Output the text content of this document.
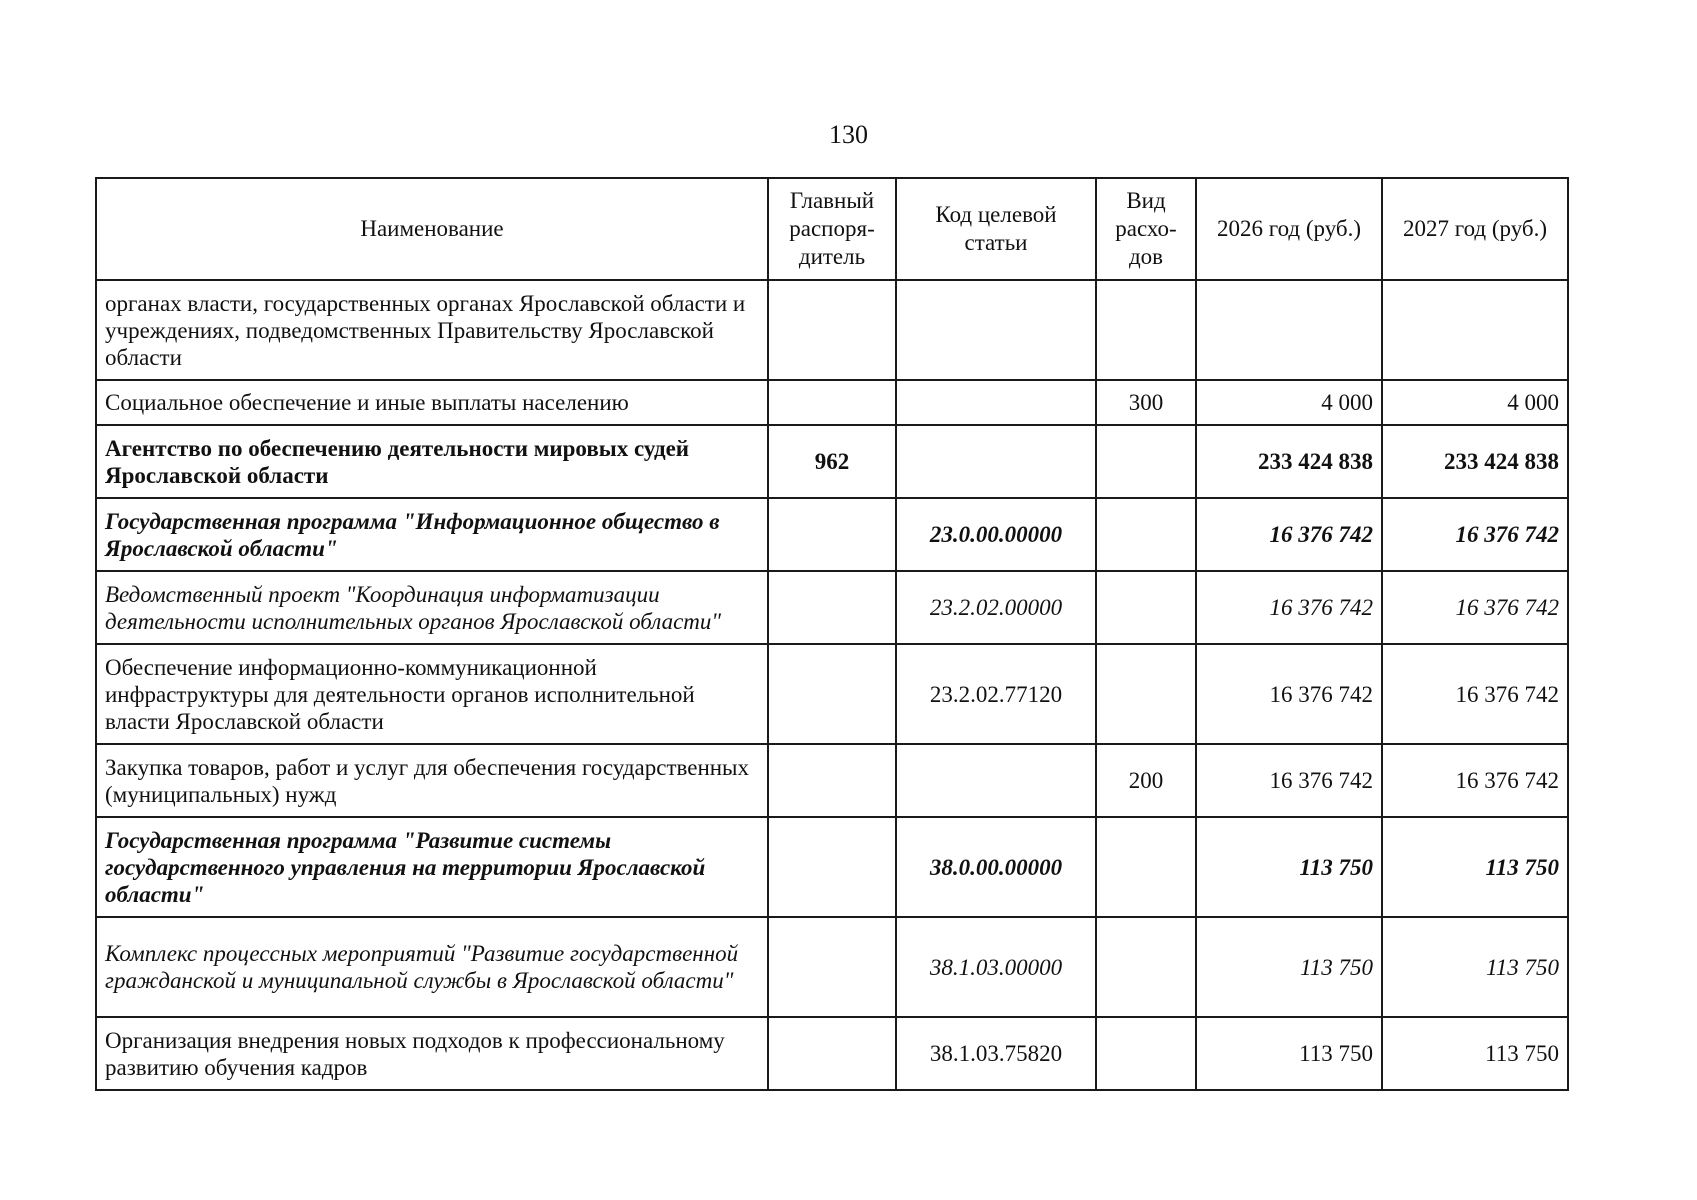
130
Наименование	Главный распоря-дитель	Код целевой статьи	Вид расхо-дов	2026 год (руб.)	2027 год (руб.)
органах власти, государственных органах Ярославской области и учреждениях, подведомственных Правительству Ярославской области					
Социальное обеспечение и иные выплаты населению			300	4 000	4 000
Агентство по обеспечению деятельности мировых судей Ярославской области	962			233 424 838	233 424 838
Государственная программа "Информационное общество в Ярославской области"		23.0.00.00000		16 376 742	16 376 742
Ведомственный проект "Координация информатизации деятельности исполнительных органов Ярославской области"		23.2.02.00000		16 376 742	16 376 742
Обеспечение информационно-коммуникационной инфраструктуры для деятельности органов исполнительной власти Ярославской области		23.2.02.77120		16 376 742	16 376 742
Закупка товаров, работ и услуг для обеспечения государственных (муниципальных) нужд			200	16 376 742	16 376 742
Государственная программа "Развитие системы государственного управления на территории Ярославской области"		38.0.00.00000		113 750	113 750
Комплекс процессных мероприятий "Развитие государственной гражданской и муниципальной службы в Ярославской области"		38.1.03.00000		113 750	113 750
Организация внедрения новых подходов к профессиональному развитию обучения кадров		38.1.03.75820		113 750	113 750
